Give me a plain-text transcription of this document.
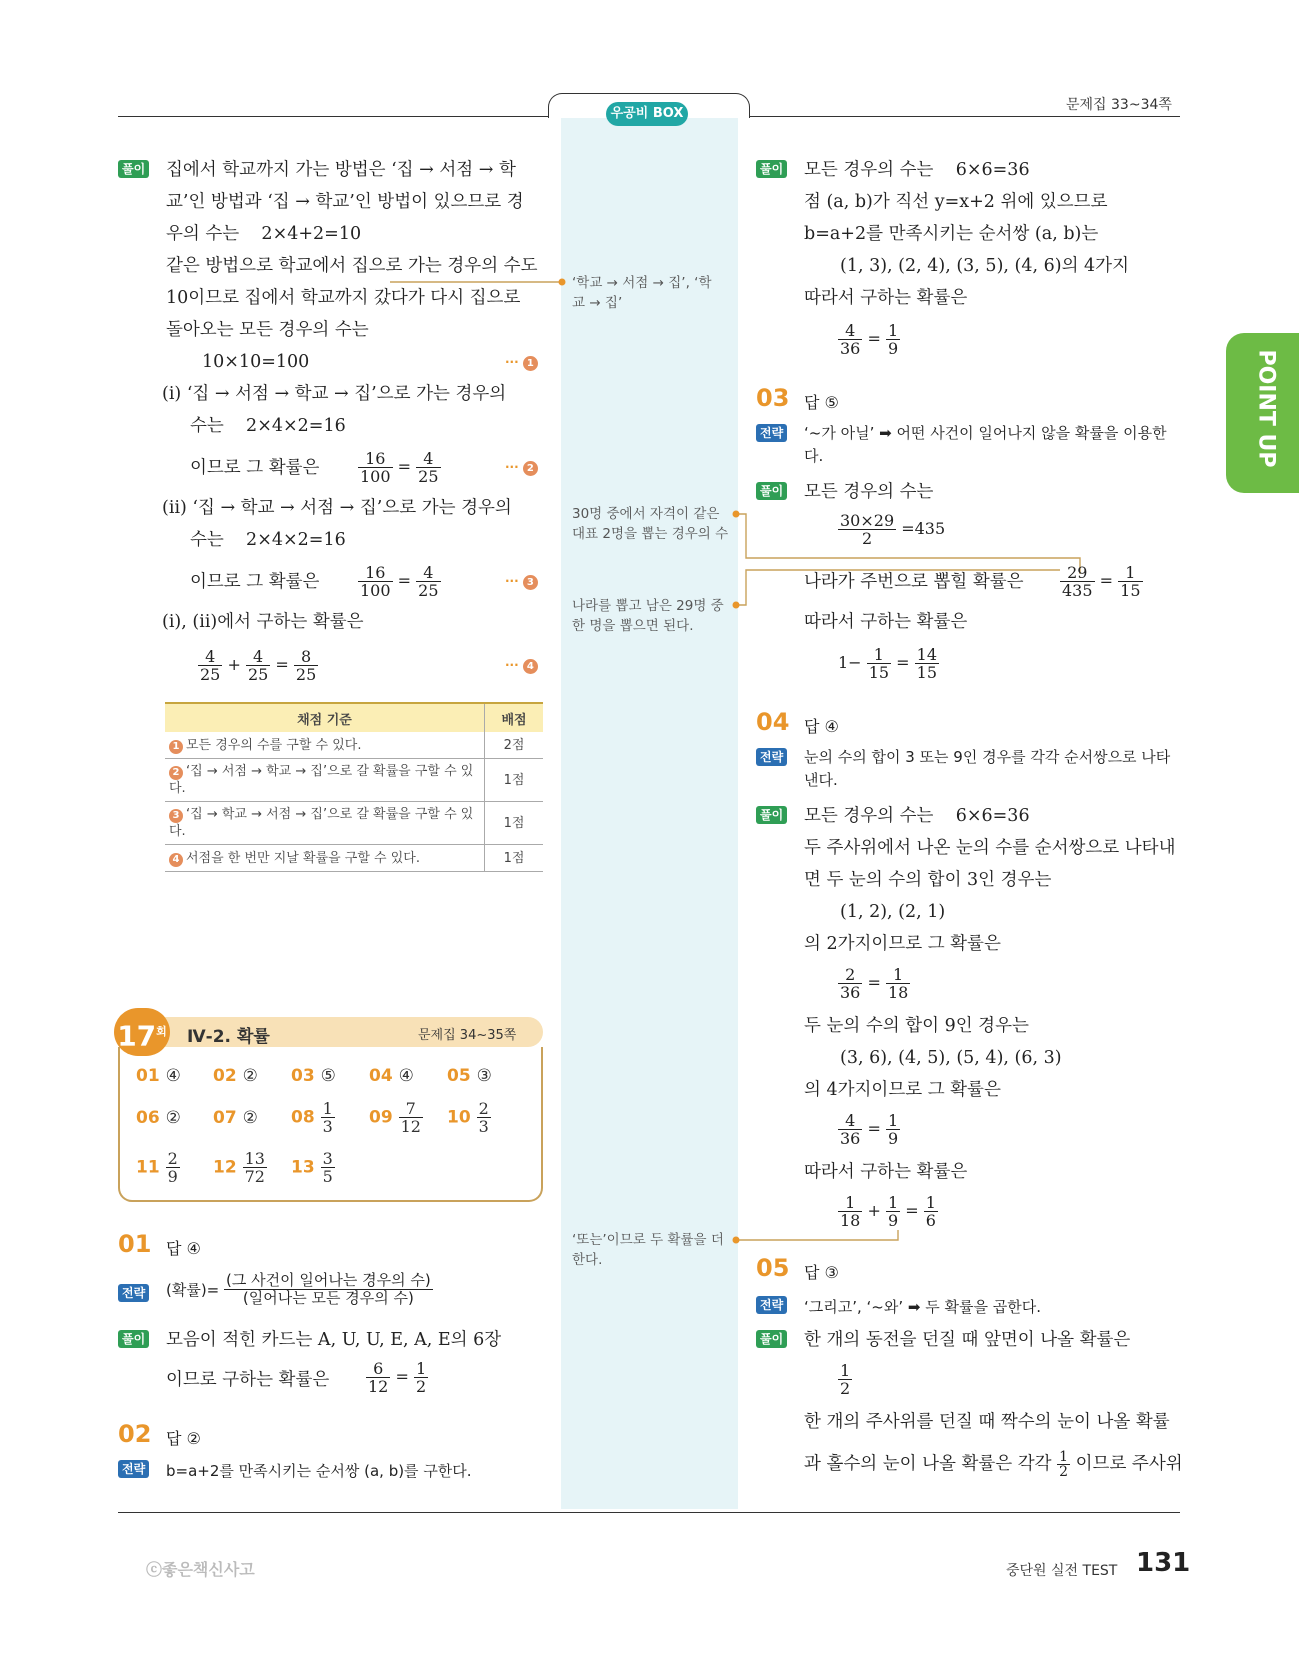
우공비 BOX
문제집 33~34쪽
풀이 집에서 학교까지 가는 방법은 ‘집 → 서점 → 학
교’인 방법과 ‘집 → 학교’인 방법이 있으므로 경
우의 수는    2×4+2=10
같은 방법으로 학교에서 집으로 가는 경우의 수도
10이므로 집에서 학교까지 갔다가 다시 집으로
돌아오는 모든 경우의 수는
10×10=100	··· 1
(ⅰ) ‘집 → 서점 → 학교 → 집’으로 가는 경우의
수는    2×4×2=16
이므로 그 확률은 $\frac{16}{100} = \frac{4}{25}$	··· 2
(ⅱ) ‘집 → 학교 → 서점 → 집’으로 가는 경우의
수는    2×4×2=16
이므로 그 확률은 $\frac{16}{100} = \frac{4}{25}$	··· 3
(ⅰ), (ⅱ)에서 구하는 확률은
$\frac{4}{25} + \frac{4}{25} = \frac{8}{25}$	··· 4
채점 기준	배점
1 모든 경우의 수를 구할 수 있다.	2점
2 ‘집 → 서점 → 학교 → 집’으로 갈 확률을 구할 수 있다.	1점
3 ‘집 → 학교 → 서점 → 집’으로 갈 확률을 구할 수 있다.	1점
4 서점을 한 번만 지날 확률을 구할 수 있다.	1점
$17^회$ Ⅳ-2. 확률	문제집 34~35쪽
01 ④ 02 ② 03 ⑤ 04 ④ 05 ③
06 ② 07 ② $08 \frac{1}{3} 09 \frac{7}{12} 10 \frac{2}{3}$
$11 \frac{2}{9} 12 \frac{13}{72} 13 \frac{3}{5}$
01 답 ④
전략 (확률)= $\frac{\text{(그 사건이 일어나는 경우의 수)}}{\text{(일어나는 모든 경우의 수)}}$
풀이 모음이 적힌 카드는 A, U, U, E, A, E의 6장
이므로 구하는 확률은 $\frac{6}{12} = \frac{1}{2}$
02 답 ②
전략 b=a+2를 만족시키는 순서쌍 (a, b)를 구한다.
‘학교 → 서점 → 집’, ‘학교 → 집’
30명 중에서 자격이 같은 대표 2명을 뽑는 경우의 수
나라를 뽑고 남은 29명 중 한 명을 뽑으면 된다.
‘또는’이므로 두 확률을 더한다.
풀이 모든 경우의 수는    6×6=36
점 (a, b)가 직선 y=x+2 위에 있으므로
b=a+2를 만족시키는 순서쌍 (a, b)는
(1, 3), (2, 4), (3, 5), (4, 6)의 4가지
따라서 구하는 확률은
$\frac{4}{36} = \frac{1}{9}$
03 답 ⑤
전략 ‘~가 아닐’ ➡ 어떤 사건이 일어나지 않을 확률을 이용한다.
풀이 모든 경우의 수는
$\frac{30\times 29}{2} =435$
나라가 주번으로 뽑힐 확률은 $\frac{29}{435} = \frac{1}{15}$
따라서 구하는 확률은
$1- \frac{1}{15} = \frac{14}{15}$
04 답 ④
전략 눈의 수의 합이 3 또는 9인 경우를 각각 순서쌍으로 나타낸다.
풀이 모든 경우의 수는    6×6=36
두 주사위에서 나온 눈의 수를 순서쌍으로 나타내
면 두 눈의 수의 합이 3인 경우는
(1, 2), (2, 1)
의 2가지이므로 그 확률은
$\frac{2}{36} = \frac{1}{18}$
두 눈의 수의 합이 9인 경우는
(3, 6), (4, 5), (5, 4), (6, 3)
의 4가지이므로 그 확률은
$\frac{4}{36} = \frac{1}{9}$
따라서 구하는 확률은
$\frac{1}{18} + \frac{1}{9} = \frac{1}{6}$
05 답 ③
전략 ‘그리고’, ‘~와’ ➡ 두 확률을 곱한다.
풀이 한 개의 동전을 던질 때 앞면이 나올 확률은
$\frac{1}{2}$
한 개의 주사위를 던질 때 짝수의 눈이 나올 확률
과 홀수의 눈이 나올 확률은 각각 $\frac{1}{2}$ 이므로 주사위
POINT UP
ⓒ좋은책신사고	중단원 실전 TEST 131
